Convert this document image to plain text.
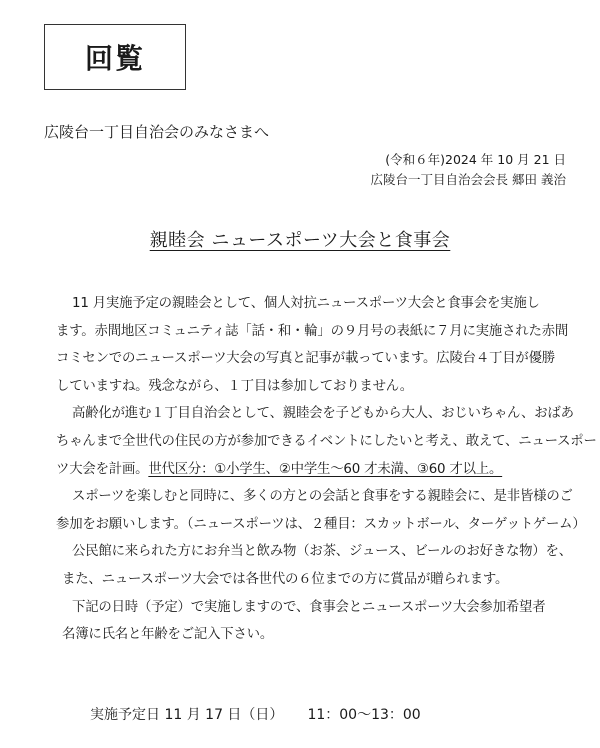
回覧
広陵台一丁目自治会のみなさまへ
(令和６年)2024 年 10 月 21 日
広陵台一丁目自治会会長 郷田 義治
親睦会 ニュースポーツ大会と食事会
11 月実施予定の親睦会として、個人対抗ニュースポーツ大会と食事会を実施し
ます。赤間地区コミュニティ誌「話・和・輪」の９月号の表紙に７月に実施された赤間
コミセンでのニュースポーツ大会の写真と記事が載っています。広陵台４丁目が優勝
していますね。残念ながら、１丁目は参加しておりません。
高齢化が進む１丁目自治会として、親睦会を子どもから大人、おじいちゃん、おばあ
ちゃんまで全世代の住民の方が参加できるイベントにしたいと考え、敢えて、ニュースポー
ツ大会を計画。世代区分：①小学生、②中学生〜60 才未満、③60 才以上。
スポーツを楽しむと同時に、多くの方との会話と食事をする親睦会に、是非皆様のご
参加をお願いします。（ニュースポーツは、２種目：スカットボール、ターゲットゲーム）
公民館に来られた方にお弁当と飲み物（お茶、ジュース、ビールのお好きな物）を、
また、ニュースポーツ大会では各世代の６位までの方に賞品が贈られます。
下記の日時（予定）で実施しますので、食事会とニュースポーツ大会参加希望者
名簿に氏名と年齢をご記入下さい。
実施予定日 11 月 17 日（日） 11：00〜13：00
